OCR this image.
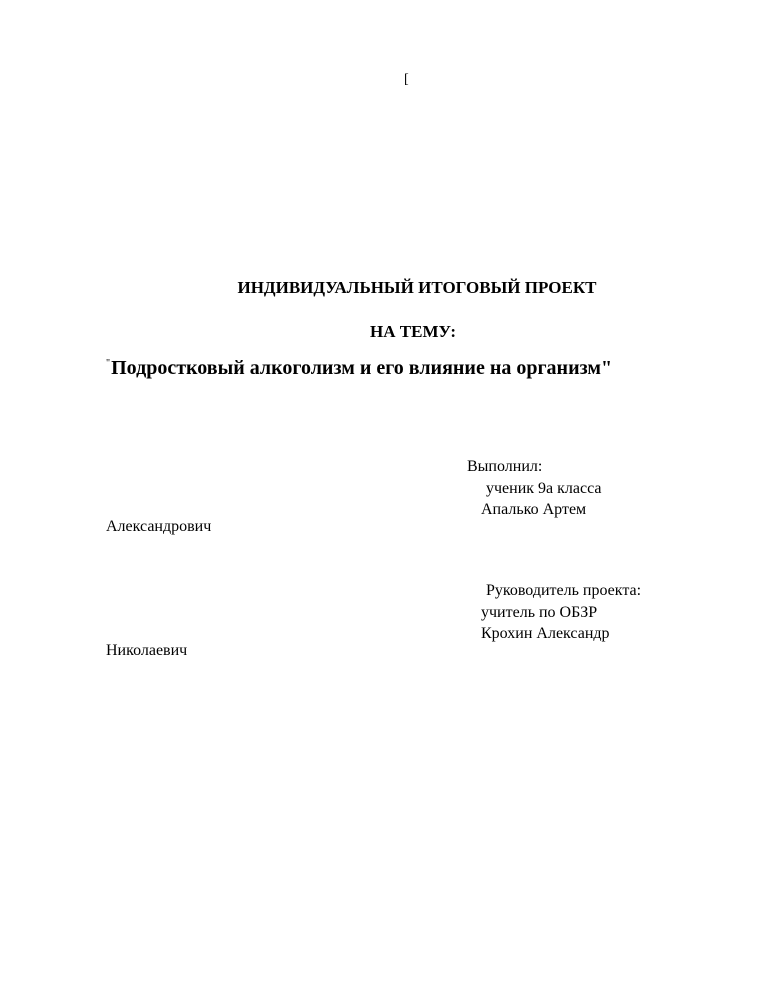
[
ИНДИВИДУАЛЬНЫЙ ИТОГОВЫЙ ПРОЕКТ
НА ТЕМУ:
"Подростковый алкоголизм и его влияние на организм"
Выполнил:
ученик 9а класса
Апалько Артем
Александрович
Руководитель проекта:
учитель по ОБЗР
Крохин Александр
Николаевич
